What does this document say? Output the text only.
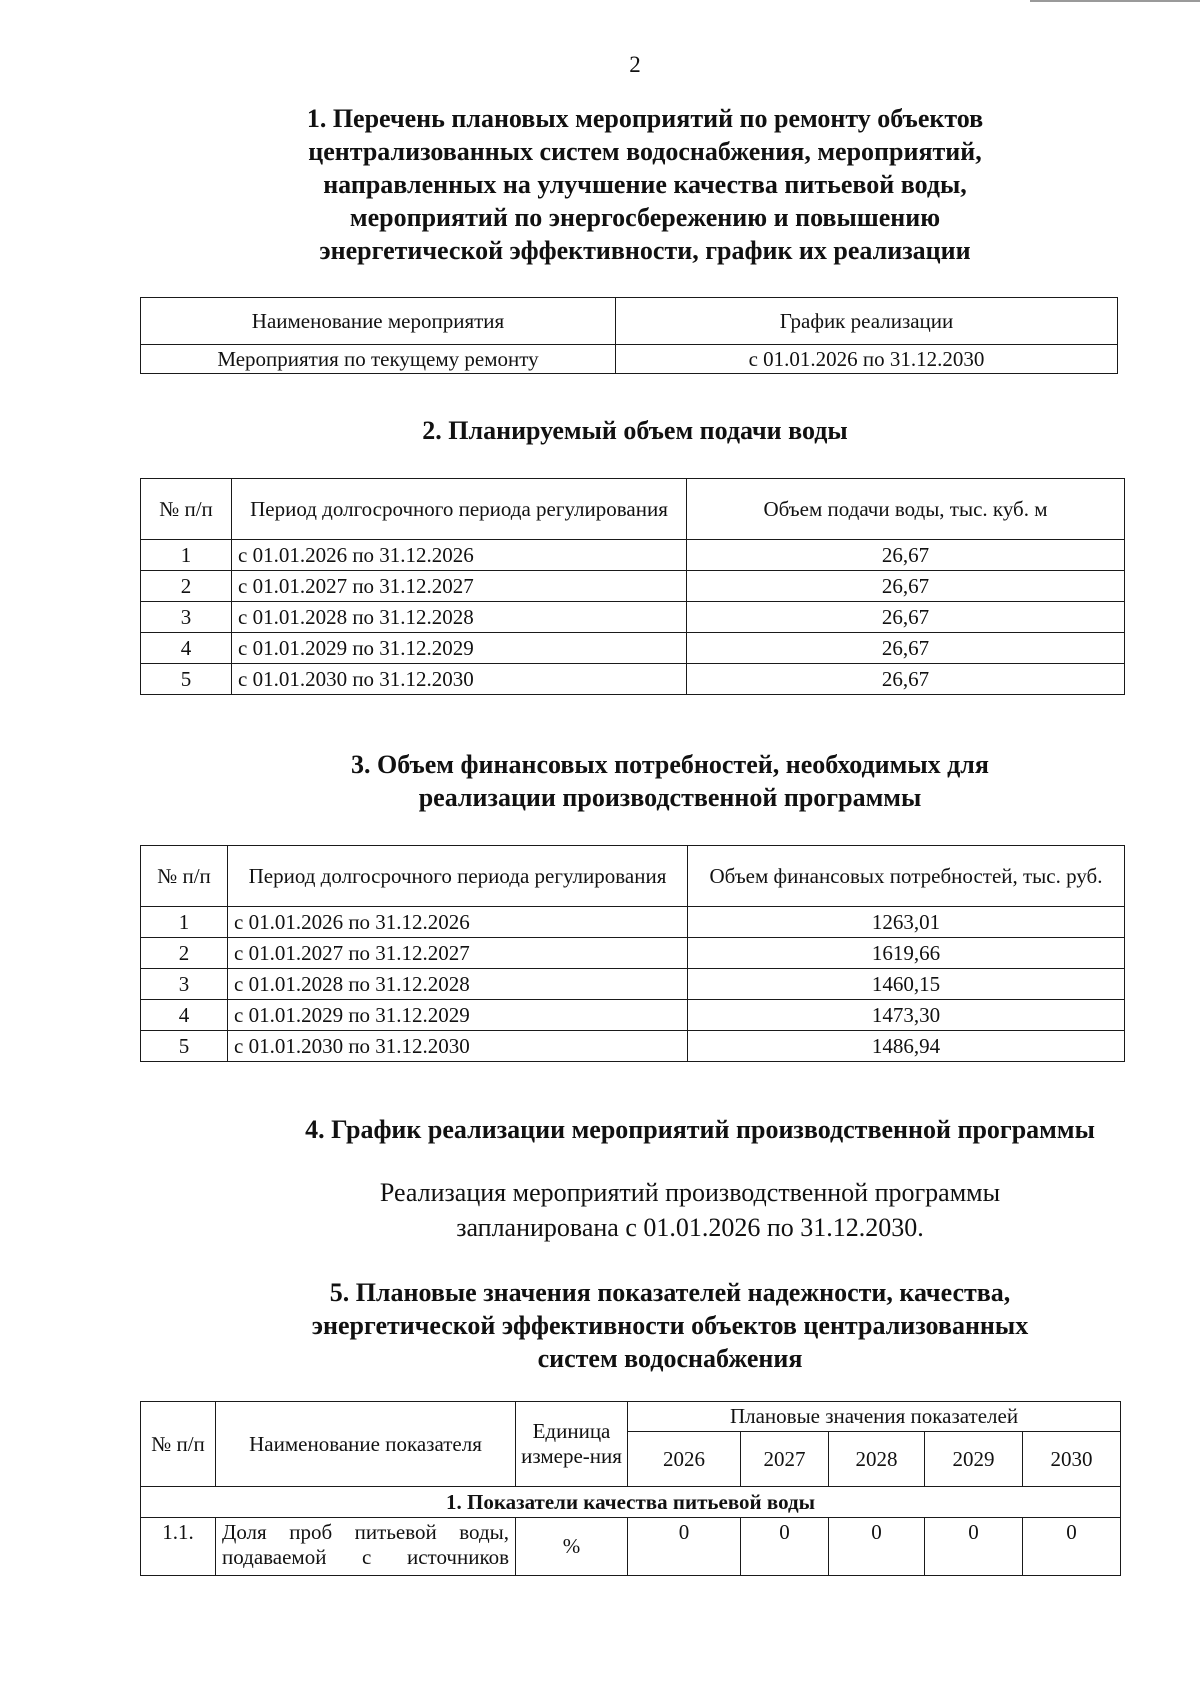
2
1. Перечень плановых мероприятий по ремонту объектов
централизованных систем водоснабжения, мероприятий,
направленных на улучшение качества питьевой воды,
мероприятий по энергосбережению и повышению
энергетической эффективности, график их реализации
Наименование мероприятия	График реализации
Мероприятия по текущему ремонту	с 01.01.2026 по 31.12.2030
2. Планируемый объем подачи воды
№ п/п	Период долгосрочного периода регулирования	Объем подачи воды, тыс. куб. м
1	с 01.01.2026 по 31.12.2026	26,67
2	с 01.01.2027 по 31.12.2027	26,67
3	с 01.01.2028 по 31.12.2028	26,67
4	с 01.01.2029 по 31.12.2029	26,67
5	с 01.01.2030 по 31.12.2030	26,67
3. Объем финансовых потребностей, необходимых для
реализации производственной программы
№ п/п	Период долгосрочного периода регулирования	Объем финансовых потребностей, тыс. руб.
1	с 01.01.2026 по 31.12.2026	1263,01
2	с 01.01.2027 по 31.12.2027	1619,66
3	с 01.01.2028 по 31.12.2028	1460,15
4	с 01.01.2029 по 31.12.2029	1473,30
5	с 01.01.2030 по 31.12.2030	1486,94
4. График реализации мероприятий производственной программы
Реализация мероприятий производственной программы
запланирована с 01.01.2026 по 31.12.2030.
5. Плановые значения показателей надежности, качества,
энергетической эффективности объектов централизованных
систем водоснабжения
№ п/п	Наименование показателя	Единица измере-ния	Плановые значения показателей				
			2026	2027	2028	2029	2030
1. Показатели качества питьевой воды							
1.1.	Доля проб питьевой воды,
подаваемой с источников	%	0	0	0	0	0
